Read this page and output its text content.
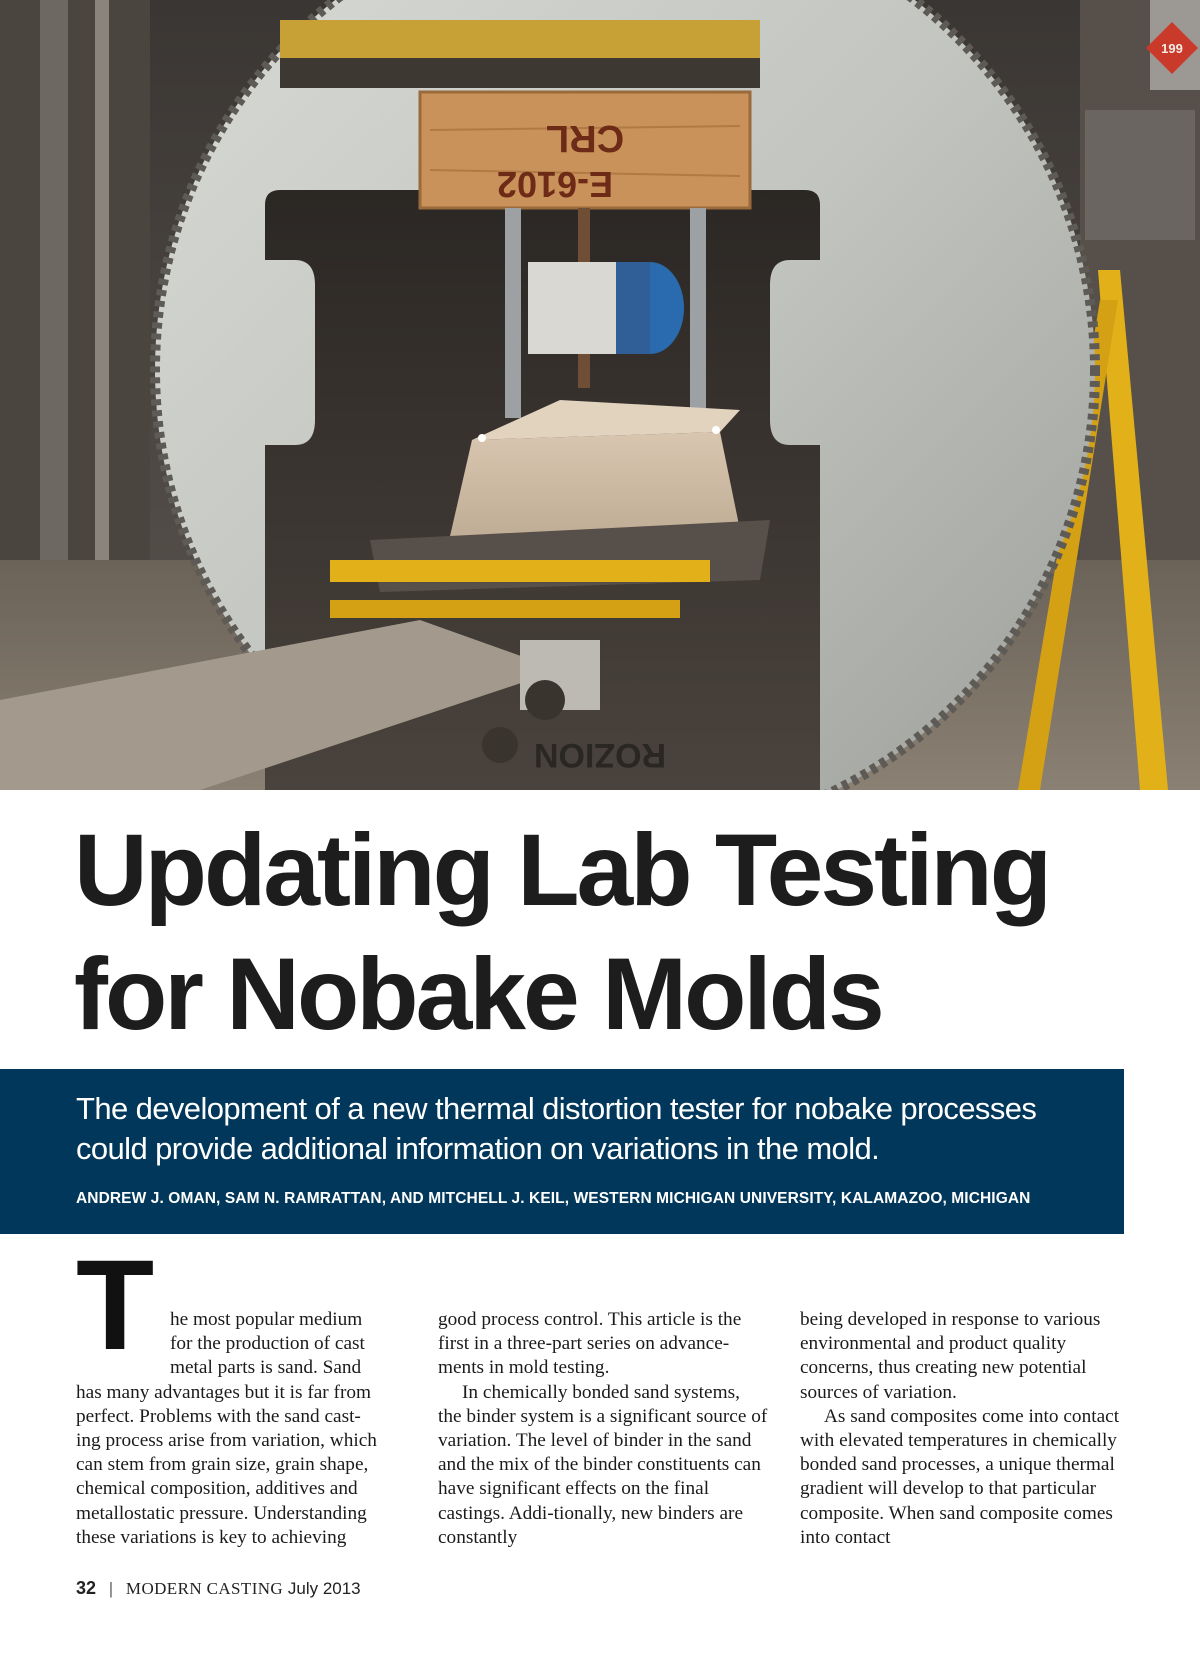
199
CRL
E-6102
ROZION
Updating Lab Testing
for Nobake Molds

The development of a new thermal distortion tester for nobake processes could provide additional information on variations in the mold.

ANDREW J. OMAN, SAM N. RAMRATTAN, AND MITCHELL J. KEIL, WESTERN MICHIGAN UNIVERSITY, KALAMAZOO, MICHIGAN

T he most popular medium
for the production of cast
metal parts is sand. Sand
has many advantages but it is far from
perfect. Problems with the sand cast-
ing process arise from variation, which
can stem from grain size, grain shape,
chemical composition, additives and
metallostatic pressure. Understanding
these variations is key to achieving

good process control. This article is the first in a three-part series on advance-ments in mold testing.

In chemically bonded sand systems, the binder system is a significant source of variation. The level of binder in the sand and the mix of the binder constituents can have significant effects on the final castings. Addi-tionally, new binders are constantly

being developed in response to various environmental and product quality concerns, thus creating new potential sources of variation.

As sand composites come into contact with elevated temperatures in chemically bonded sand processes, a unique thermal gradient will develop to that particular composite. When sand composite comes into contact

32 | MODERN CASTING July 2013
